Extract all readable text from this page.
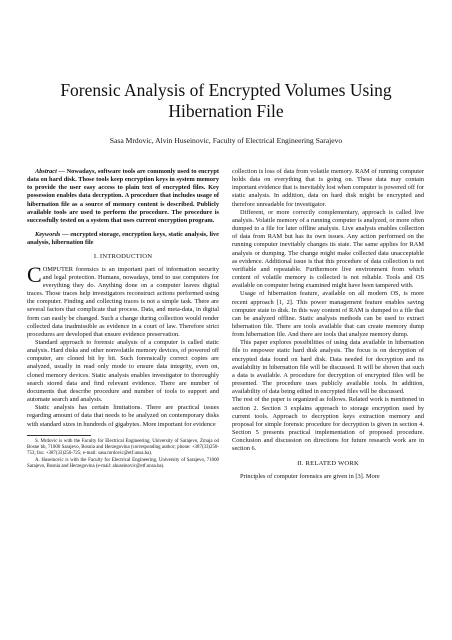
Forensic Analysis of Encrypted Volumes Using Hibernation File
Sasa Mrdovic, Alvin Huseinovic, Faculty of Electrical Engineering Sarajevo

Abstract — Nowadays, software tools are commonly used to encrypt data on hard disk. Those tools keep encryption keys in system memory to provide the user easy access to plain text of encrypted files. Key possession enables data decryption. A procedure that includes usage of hibernation file as a source of memory content is described. Publicly available tools are used to perform the procedure. The procedure is successfully tested on a system that uses current encryption program.

Keywords — encrypted storage, encryption keys, static analysis, live analysis, hibernation file

I. INTRODUCTION

COMPUTER forensics is an important part of information security and legal protection. Humans, nowadays, tend to use computers for everything they do. Anything done on a computer leaves digital traces. Those traces help investigators reconstruct actions performed using the computer. Finding and collecting traces is not a simple task. There are several factors that complicate that process. Data, and meta-data, in digital form can easily be changed. Such a change during collection would render collected data inadmissible as evidence in a court of law. Therefore strict procedures are developed that ensure evidence preservation.

Standard approach to forensic analysis of a computer is called static analysis. Hard disks and other nonvolatile memory devices, of powered off computer, are cloned bit by bit. Such forensically correct copies are analyzed, usually in read only mode to ensure data integrity, even on, cloned memory devices. Static analysis enables investigator to thoroughly search stored data and find relevant evidence. There are number of documents that describe procedure and number of tools to support and automate search and analysis.

Static analysis has certain limitations. There are practical issues regarding amount of data that needs to be analyzed on contemporary disks with standard sizes in hundreds of gigabytes. More important for evidence

S. Mrdovic is with the Faculty for Electrical Engineering, University of Sarajevo, Zmaja od Bosne bb, 71000 Sarajevo, Bosnia and Herzegovina (corresponding author; phone: +387(33)250-753; fax: +387(33)250-725; e-mail: sasa.mrdovic@etf.unsa.ba).

A. Huseinovic is with the Faculty for Electrical Engineering, University of Sarajevo, 71000 Sarajevo, Bosnia and Herzegovina (e-mail: ahuseinovic@etf.unsa.ba).

collection is loss of data from volatile memory. RAM of running computer holds data on everything that is going on. These data may contain important evidence that is inevitably lost when computer is powered off for static analysis. In addition, data on hard disk might be encrypted and therefore unreadable for investigator.

Different, or more correctly complementary, approach is called live analysis. Volatile memory of a running computer is analyzed, or more often dumped to a file for later offline analysis. Live analysis enables collection of data from RAM but has its own issues. Any action performed on the running computer inevitably changes its state. The same applies for RAM analysis or dumping. The change might make collected data unacceptable as evidence. Additional issue is that this procedure of data collection is not verifiable and repeatable. Furthermore live environment from which content of volatile memory is collected is not reliable. Tools and OS available on computer being examined might have been tampered with.

Usage of hibernation feature, available on all modern OS, is more recent approach [1, 2]. This power management feature enables saving computer state to disk. In this way content of RAM is dumped to a file that can be analyzed offline. Static analysis methods can be used to extract hibernation file. There are tools available that can create memory dump from hibernation file. And there are tools that analyze memory dump.

This paper explores possibilities of using data available in hibernation file to empower static hard disk analysis. The focus is on decryption of encrypted data found on hard disk. Data needed for decryption and its availability in hibernation file will be discussed. It will be shown that such a data is available. A procedure for decryption of encrypted files will be presented. The procedure uses publicly available tools. In addition, availability of data being edited in encrypted files will be discussed.

The rest of the paper is organized as follows. Related work is mentioned in section 2. Section 3 explains approach to storage encryption used by current tools. Approach to decryption keys extraction memory and proposal for simple forensic procedure for decryption is given in section 4. Section 5 presents practical implementation of proposed procedure. Conclusion and discussion on directions for future research work are in section 6.

II. RELATED WORK

Principles of computer forensics are given in [3]. More
